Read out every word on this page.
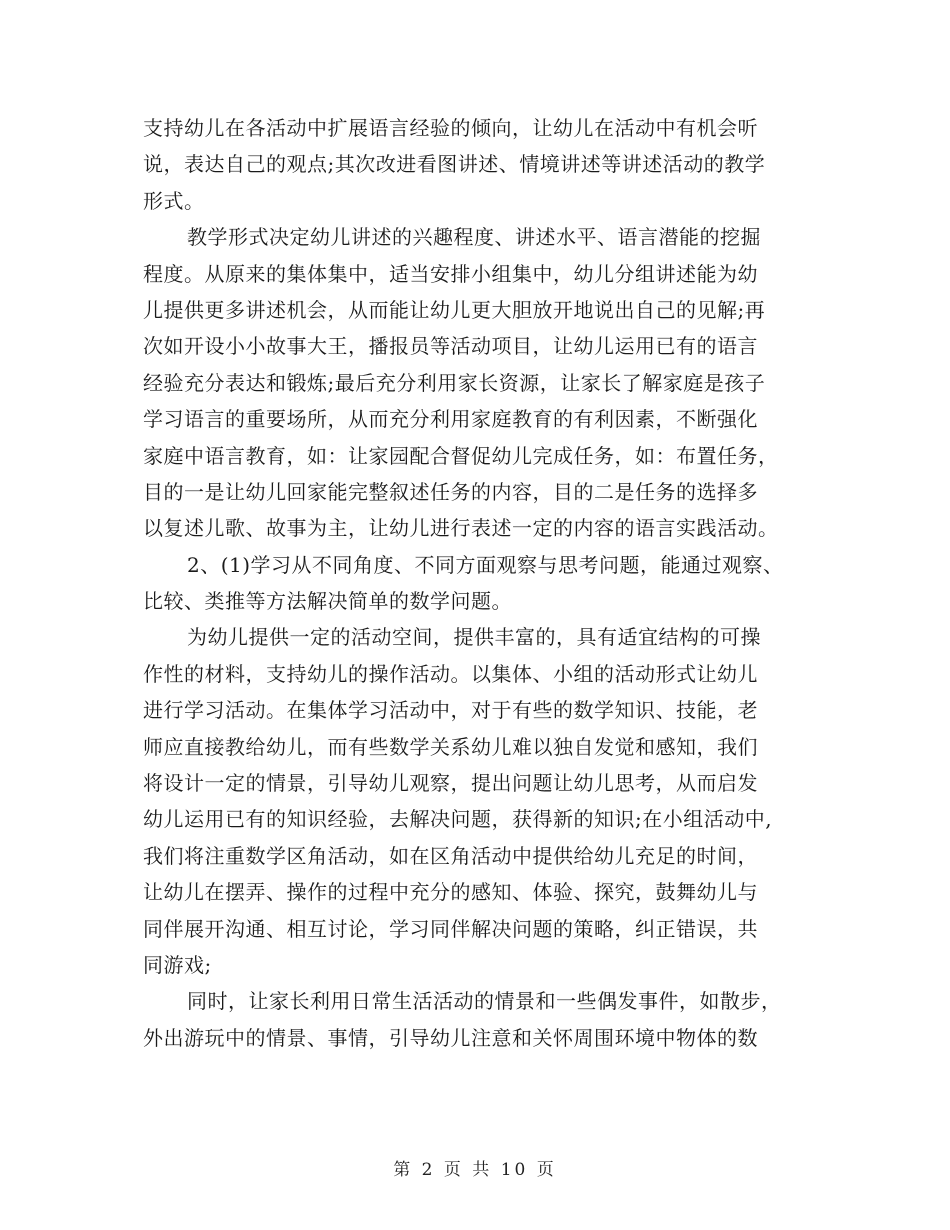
支持幼儿在各活动中扩展语言经验的倾向，让幼儿在活动中有机会听
说，表达自己的观点;其次改进看图讲述、情境讲述等讲述活动的教学
形式。
教学形式决定幼儿讲述的兴趣程度、讲述水平、语言潜能的挖掘
程度。从原来的集体集中，适当安排小组集中，幼儿分组讲述能为幼
儿提供更多讲述机会，从而能让幼儿更大胆放开地说出自己的见解;再
次如开设小小故事大王，播报员等活动项目，让幼儿运用已有的语言
经验充分表达和锻炼;最后充分利用家长资源，让家长了解家庭是孩子
学习语言的重要场所，从而充分利用家庭教育的有利因素，不断强化
家庭中语言教育，如：让家园配合督促幼儿完成任务，如：布置任务，
目的一是让幼儿回家能完整叙述任务的内容，目的二是任务的选择多
以复述儿歌、故事为主，让幼儿进行表述一定的内容的语言实践活动。
2、(1)学习从不同角度、不同方面观察与思考问题，能通过观察、
比较、类推等方法解决简单的数学问题。
为幼儿提供一定的活动空间，提供丰富的，具有适宜结构的可操
作性的材料，支持幼儿的操作活动。以集体、小组的活动形式让幼儿
进行学习活动。在集体学习活动中，对于有些的数学知识、技能，老
师应直接教给幼儿，而有些数学关系幼儿难以独自发觉和感知，我们
将设计一定的情景，引导幼儿观察，提出问题让幼儿思考，从而启发
幼儿运用已有的知识经验，去解决问题，获得新的知识;在小组活动中,
我们将注重数学区角活动，如在区角活动中提供给幼儿充足的时间，
让幼儿在摆弄、操作的过程中充分的感知、体验、探究，鼓舞幼儿与
同伴展开沟通、相互讨论，学习同伴解决问题的策略，纠正错误，共
同游戏;
同时，让家长利用日常生活活动的情景和一些偶发事件，如散步，
外出游玩中的情景、事情，引导幼儿注意和关怀周围环境中物体的数
第 2 页 共 10 页
